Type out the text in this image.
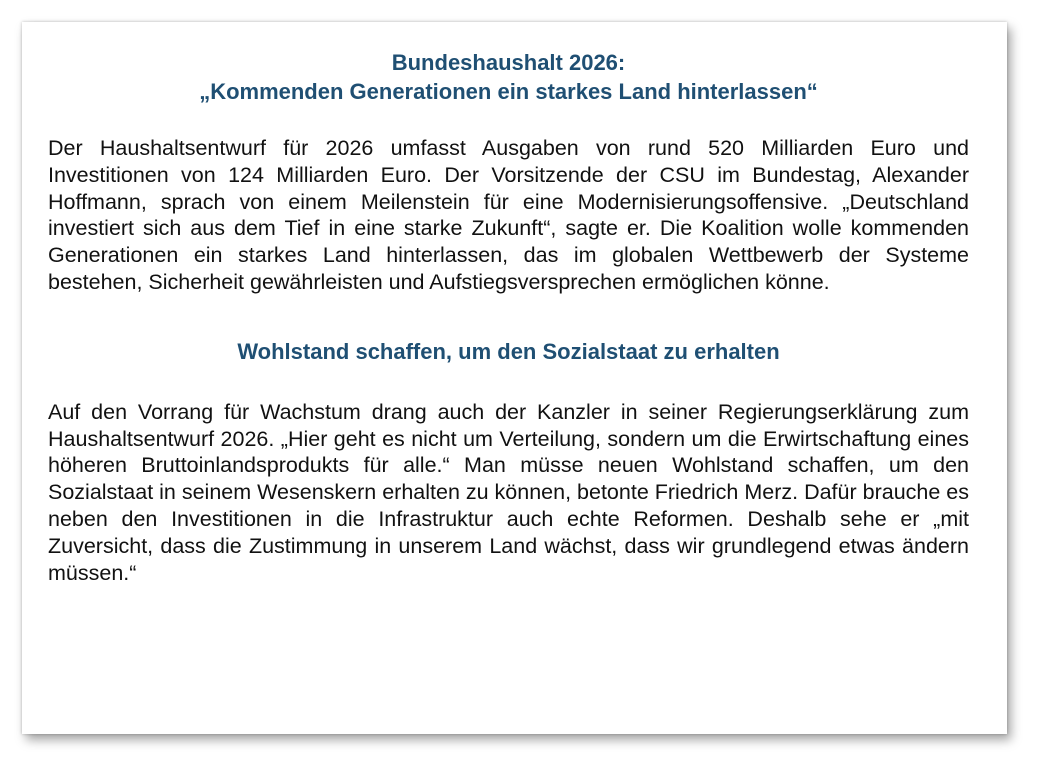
Bundeshaushalt 2026:
„Kommenden Generationen ein starkes Land hinterlassen“

Der Haushaltsentwurf für 2026 umfasst Ausgaben von rund 520 Milliarden Euro und Investitionen von 124 Milliarden Euro. Der Vorsitzende der CSU im Bundestag, Alexander Hoffmann, sprach von einem Meilenstein für eine Modernisierungsoffensive. „Deutschland investiert sich aus dem Tief in eine starke Zukunft“, sagte er. Die Koalition wolle kommenden Generationen ein starkes Land hinterlassen, das im globalen Wettbewerb der Systeme bestehen, Sicherheit gewährleisten und Aufstiegsversprechen ermöglichen könne.

Wohlstand schaffen, um den Sozialstaat zu erhalten

Auf den Vorrang für Wachstum drang auch der Kanzler in seiner Regierungserklärung zum Haushaltsentwurf 2026. „Hier geht es nicht um Verteilung, sondern um die Erwirtschaftung eines höheren Bruttoinlandsprodukts für alle.“ Man müsse neuen Wohlstand schaffen, um den Sozialstaat in seinem Wesenskern erhalten zu können, betonte Friedrich Merz. Dafür brauche es neben den Investitionen in die Infrastruktur auch echte Reformen. Deshalb sehe er „mit Zuversicht, dass die Zustimmung in unserem Land wächst, dass wir grundlegend etwas ändern müssen.“
